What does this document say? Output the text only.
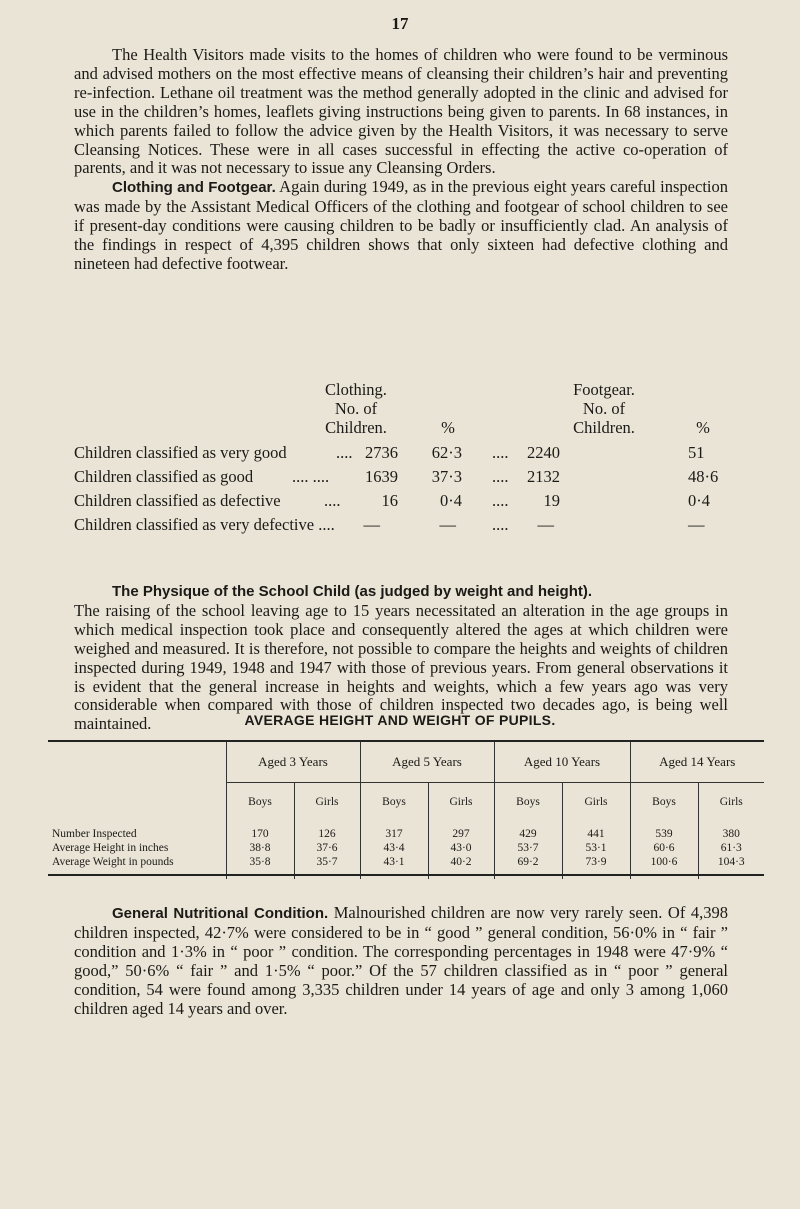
17

The Health Visitors made visits to the homes of children who were found to be verminous and advised mothers on the most effective means of cleansing their children’s hair and preventing re-infection. Lethane oil treatment was the method generally adopted in the clinic and advised for use in the children’s homes, leaflets giving instructions being given to parents. In 68 instances, in which parents failed to follow the advice given by the Health Visitors, it was necessary to serve Cleansing Notices. These were in all cases successful in effecting the active co-operation of parents, and it was not necessary to issue any Cleansing Orders.

Clothing and Footgear. Again during 1949, as in the previous eight years careful inspection was made by the Assistant Medical Officers of the clothing and footgear of school children to see if present-day conditions were causing children to be badly or insufficiently clad. An analysis of the findings in respect of 4,395 children shows that only sixteen had defective clothing and nineteen had defective footwear.

Clothing.
No. of
Children.	%
Footgear.
No. of
Children.	%
Children classified as very good	.... 2736	62·3 ....	2240	51
Children classified as good .... ....	1639	37·3 ....	2132	48·6
Children classified as defective	....	16	0·4 ....	19	0·4
Children classified as very defective ....	—	— ....	—	—

The Physique of the School Child (as judged by weight and height).
The raising of the school leaving age to 15 years necessitated an alteration in the age groups in which medical inspection took place and consequently altered the ages at which children were weighed and measured. It is therefore, not possible to compare the heights and weights of children inspected during 1949, 1948 and 1947 with those of previous years. From general observations it is evident that the general increase in heights and weights, which a few years ago was very considerable when compared with those of children inspected two decades ago, is being well maintained.	AVERAGE HEIGHT AND WEIGHT OF PUPILS.
	Aged 3 Years		Aged 5 Years		Aged 10 Years		Aged 14 Years	
	Boys	Girls	Boys	Girls	Boys	Girls	Boys	Girls
Number Inspected	170	126	317	297	429	441	539	380
Average Height in inches	38·8	37·6	43·4	43·0	53·7	53·1	60·6	61·3
Average Weight in pounds	35·8	35·7	43·1	40·2	69·2	73·9	100·6	104·3

General Nutritional Condition. Malnourished children are now very rarely seen. Of 4,398 children inspected, 42·7% were considered to be in “ good ” general condition, 56·0% in “ fair ” condition and 1·3% in “ poor ” condition. The corresponding percentages in 1948 were 47·9% “ good,” 50·6% “ fair ” and 1·5% “ poor.” Of the 57 children classified as in “ poor ” general condition, 54 were found among 3,335 children under 14 years of age and only 3 among 1,060 children aged 14 years and over.
